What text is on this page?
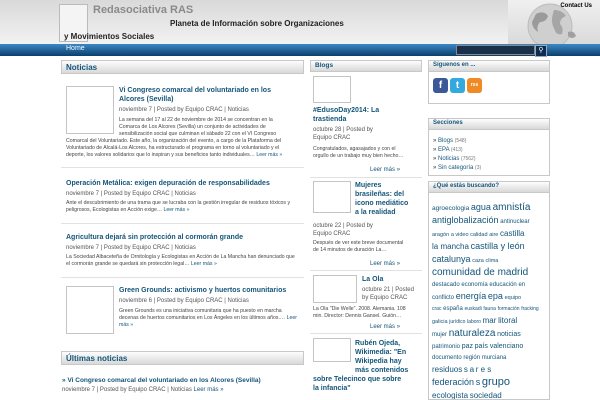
Redasociativa RAS
Planeta de Información sobre Organizaciones
y Movimientos Sociales
Contact Us
Home	⚲
Noticias
Vi Congreso comarcal del voluntariado en los
Alcores (Sevilla)
noviembre 7 | Posted by Equipo CRAC | Noticias
La semana del 17 al 22 de noviembre de 2014 se concentran en la
Comarca de Los Alcores (Sevilla) un conjunto de actividades de
sensibilización social que culminan el sábado 22 con el VI Congreso
Comarcal del Voluntariado. Este año, la organización del evento, a cargo de la Plataforma del
Voluntariado de Alcalá-Los Alcores, ha estructurado el programa en torno al voluntariado y el
deporte, los valores solidarios que lo inspiran y sus beneficios tanto individuales… Leer más »
Operación Metálica: exigen depuración de responsabilidades
noviembre 7 | Posted by Equipo CRAC | Noticias
Ante el descubrimiento de una trama que se lucraba con la gestión irregular de residuos tóxicos y
peligrosos, Ecologistas en Acción exige… Leer más »
Agricultura dejará sin protección al cormorán grande
noviembre 7 | Posted by Equipo CRAC | Noticias
La Sociedad Albaceteña de Ornitología y Ecologistas en Acción de La Mancha han denunciado que
el cormorán grande se quedará sin protección legal… Leer más »
Green Grounds: activismo y huertos comunitarios
noviembre 6 | Posted by Equipo CRAC | Noticias
Green Grounds es una iniciativa comunitaria que ha puesto en marcha
decenas de huertos comunitarios en Los Ángeles en los últimos años.… Leer más »
Últimas noticias
» Vi Congreso comarcal del voluntariado en los Alcores (Sevilla)
noviembre 7 | Posted by Equipo CRAC | Noticias Leer más »
Blogs
#EdusoDay2014: La
trastienda
octubre 28 | Posted by
Equipo CRAC
Congratulados, agasajados y con el
orgullo de un trabajo muy bien hecho…
Leer más »
Mujeres
brasileñas: del
icono mediático
a la realidad
octubre 22 | Posted by
Equipo CRAC
Después de ver este breve documental
de 14 minutos de duración La…
Leer más »
La Ola
octubre 21 | Posted
by Equipo CRAC
La Ola "Die Welle". 2008. Alemania. 108
min. Director: Dennis Gansel. Guión…
Leer más »
Rubén Ojeda,
Wikimedia: "En
Wikipedia hay
más contenidos
sobre Telecinco que sobre
la infancia"
Síguenos en ...
f	t	rss
Secciones
» Blogs (548)
» EPA (413)
» Noticias (7562)
» Sin categoría (3)
¿Qué estás buscando?
agroecologia agua amnistía
antiglobalización antinuclear
aragón a video calidad aire castilla
la mancha castilla y león
catalunya caza clima
comunidad de madrid
destacado economía educación en
conflicto energía epa equipo
crac españa euskadi fauna formación fracking
galicia jurídico laboro mar litoral
mujer naturaleza noticias
patrimonio paz país valenciano
documento región murciana
residuos s a r e s
federación s grupo
ecologista sociedad
